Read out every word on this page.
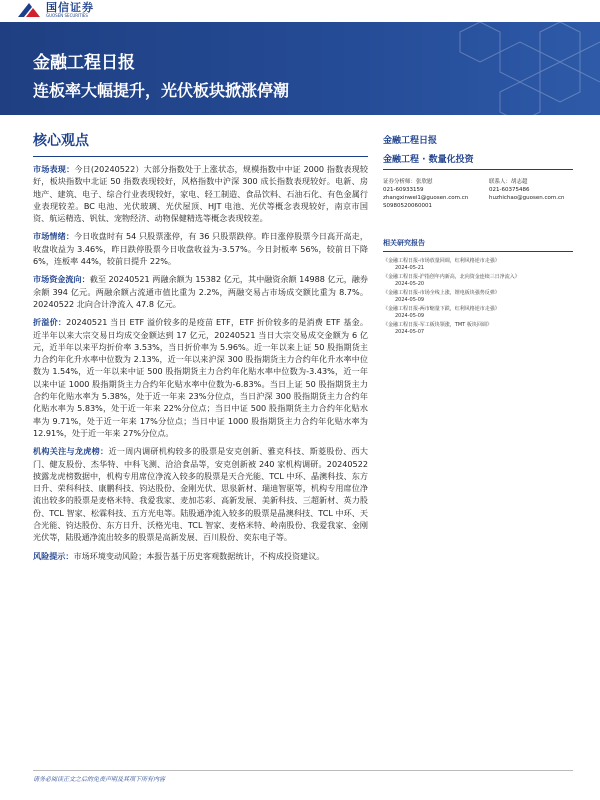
国信证券
GUOSEN SECURITIES
金融工程日报
连板率大幅提升，光伏板块掀涨停潮
核心观点

市场表现：今日(20240522）大部分指数处于上涨状态，规模指数中中证 2000 指数表现较好，板块指数中北证 50 指数表现较好，风格指数中沪深 300 成长指数表现较好。电新、房地产、建筑、电子、综合行业表现较好，家电、轻工制造、食品饮料、石油石化、有色金属行业表现较差。BC 电池、光伏玻璃、光伏屋顶、HJT 电池、光伏等概念表现较好，南京市国资、航运精选、钒钛、宠物经济、动物保健精选等概念表现较差。

市场情绪：今日收盘时有 54 只股票涨停，有 36 只股票跌停。昨日涨停股票今日高开高走，收盘收益为 3.46%，昨日跌停股票今日收盘收益为-3.57%。今日封板率 56%，较前日下降 6%，连板率 44%，较前日提升 22%。

市场资金流向：截至 20240521 两融余额为 15382 亿元，其中融资余额 14988 亿元，融券余额 394 亿元。两融余额占流通市值比重为 2.2%，两融交易占市场成交额比重为 8.7%。20240522 北向合计净流入 47.8 亿元。

折溢价：20240521 当日 ETF 溢价较多的是疫苗 ETF，ETF 折价较多的是消费 ETF 基金。近半年以来大宗交易日均成交金额达到 17 亿元，20240521 当日大宗交易成交金额为 6 亿元，近半年以来平均折价率 3.53%，当日折价率为 5.96%。近一年以来上证 50 股指期货主力合约年化升水率中位数为 2.13%，近一年以来沪深 300 股指期货主力合约年化升水率中位数为 1.54%，近一年以来中证 500 股指期货主力合约年化贴水率中位数为-3.43%，近一年以来中证 1000 股指期货主力合约年化贴水率中位数为-6.83%。当日上证 50 股指期货主力合约年化贴水率为 5.38%，处于近一年来 23%分位点，当日沪深 300 股指期货主力合约年化贴水率为 5.83%，处于近一年来 22%分位点；当日中证 500 股指期货主力合约年化贴水率为 9.71%，处于近一年来 17%分位点；当日中证 1000 股指期货主力合约年化贴水率为 12.91%，处于近一年来 27%分位点。

机构关注与龙虎榜：近一周内调研机构较多的股票是安克创新、雅克科技、斯菱股份、西大门、健友股份、杰华特、中科飞测、洽洽食品等，安克创新被 240 家机构调研。20240522 披露龙虎榜数据中，机构专用席位净流入较多的股票是天合光能、TCL 中环、晶澳科技、东方日升、荣科科技、康鹏科技、钧达股份、金刚光伏、思泉新材、瑞迪智驱等，机构专用席位净流出较多的股票是麦格米特、我爱我家、麦加芯彩、高新发展、美新科技、三超新材、英力股份、TCL 智家、松霖科技、五方光电等。陆股通净流入较多的股票是晶澳科技、TCL 中环、天合光能、钧达股份、东方日升、沃格光电、TCL 智家、麦格米特、岭南股份、我爱我家、金刚光伏等，陆股通净流出较多的股票是高新发展、百川股份、奕东电子等。

风险提示：市场环境变动风险；本报告基于历史客观数据统计，不构成投资建议。

金融工程日报
金融工程 · 数量化投资
证券分析师：张欣慰	联系人：胡志超
021-60933159	021-60375486
zhangxinwei1@guosen.com.cn	huzhichao@guosen.com.cn
S0980520060001
相关研究报告
《金融工程日报-市场放量回调，红利风格逆市走强》
2024-05-21
《金融工程日报-沪指创年内新高，北向资金连续三日净流入》
2024-05-20
《金融工程日报-市场全线上涨，锂电板块强势反弹》
2024-05-09
《金融工程日报-两市缩量下跌，红利风格逆市走强》
2024-05-09
《金融工程日报-军工板块领涨，TMT 板块回调》
2024-05-07
请务必阅读正文之后的免责声明及其项下所有内容
